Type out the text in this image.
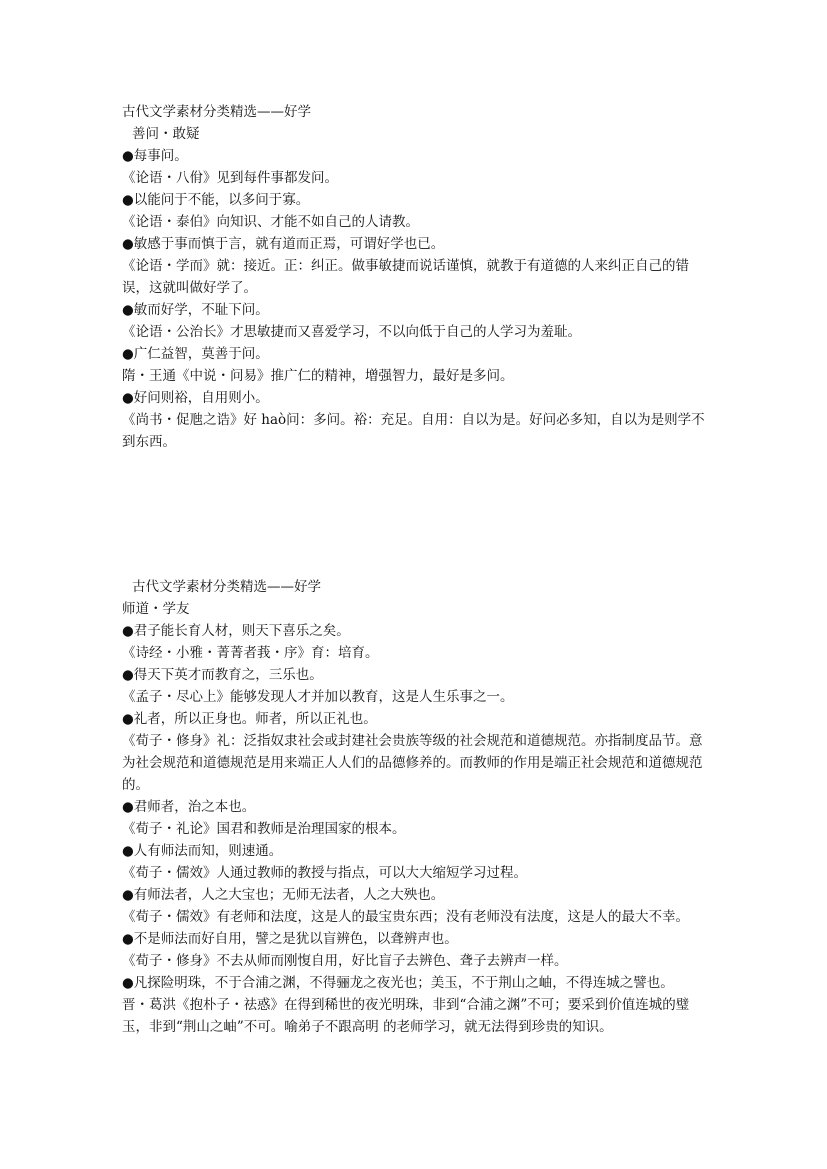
古代文学素材分类精选——好学
善问・敢疑
●每事问。
《论语・八佾》见到每件事都发问。
●以能问于不能，以多问于寡。
《论语・泰伯》向知识、才能不如自己的人请教。
●敏感于事而慎于言，就有道而正焉，可谓好学也已。
《论语・学而》就：接近。正：纠正。做事敏捷而说话谨慎，就教于有道德的人来纠正自己的错误，这就叫做好学了。
●敏而好学，不耻下问。
《论语・公治长》才思敏捷而又喜爱学习，不以向低于自己的人学习为羞耻。
●广仁益智，莫善于问。
隋・王通《中说・问易》推广仁的精神，增强智力，最好是多问。
●好问则裕，自用则小。
《尚书・促虺之诰》好 haò问：多问。裕：充足。自用：自以为是。好问必多知，自以为是则学不到东西。
古代文学素材分类精选——好学
师道・学友
●君子能长育人材，则天下喜乐之矣。
《诗经・小雅・菁菁者莪・序》育：培育。
●得天下英才而教育之，三乐也。
《孟子・尽心上》能够发现人才并加以教育，这是人生乐事之一。
●礼者，所以正身也。师者，所以正礼也。
《荀子・修身》礼：泛指奴隶社会或封建社会贵族等级的社会规范和道德规范。亦指制度品节。意为社会规范和道德规范是用来端正人人们的品德修养的。而教师的作用是端正社会规范和道德规范的。
●君师者，治之本也。
《荀子・礼论》国君和教师是治理国家的根本。
●人有师法而知，则速通。
《荀子・儒效》人通过教师的教授与指点，可以大大缩短学习过程。
●有师法者，人之大宝也；无师无法者，人之大殃也。
《荀子・儒效》有老师和法度，这是人的最宝贵东西；没有老师没有法度，这是人的最大不幸。
●不是师法而好自用，譬之是犹以盲辨色，以聋辨声也。
《荀子・修身》不去从师而刚愎自用，好比盲子去辨色、聋子去辨声一样。
●凡探险明珠，不于合浦之渊，不得骊龙之夜光也；美玉，不于荆山之岫，不得连城之譬也。
晋・葛洪《抱朴子・祛惑》在得到稀世的夜光明珠，非到“合浦之渊”不可；要采到价值连城的璧玉，非到“荆山之岫”不可。喻弟子不跟高明 的老师学习，就无法得到珍贵的知识。
